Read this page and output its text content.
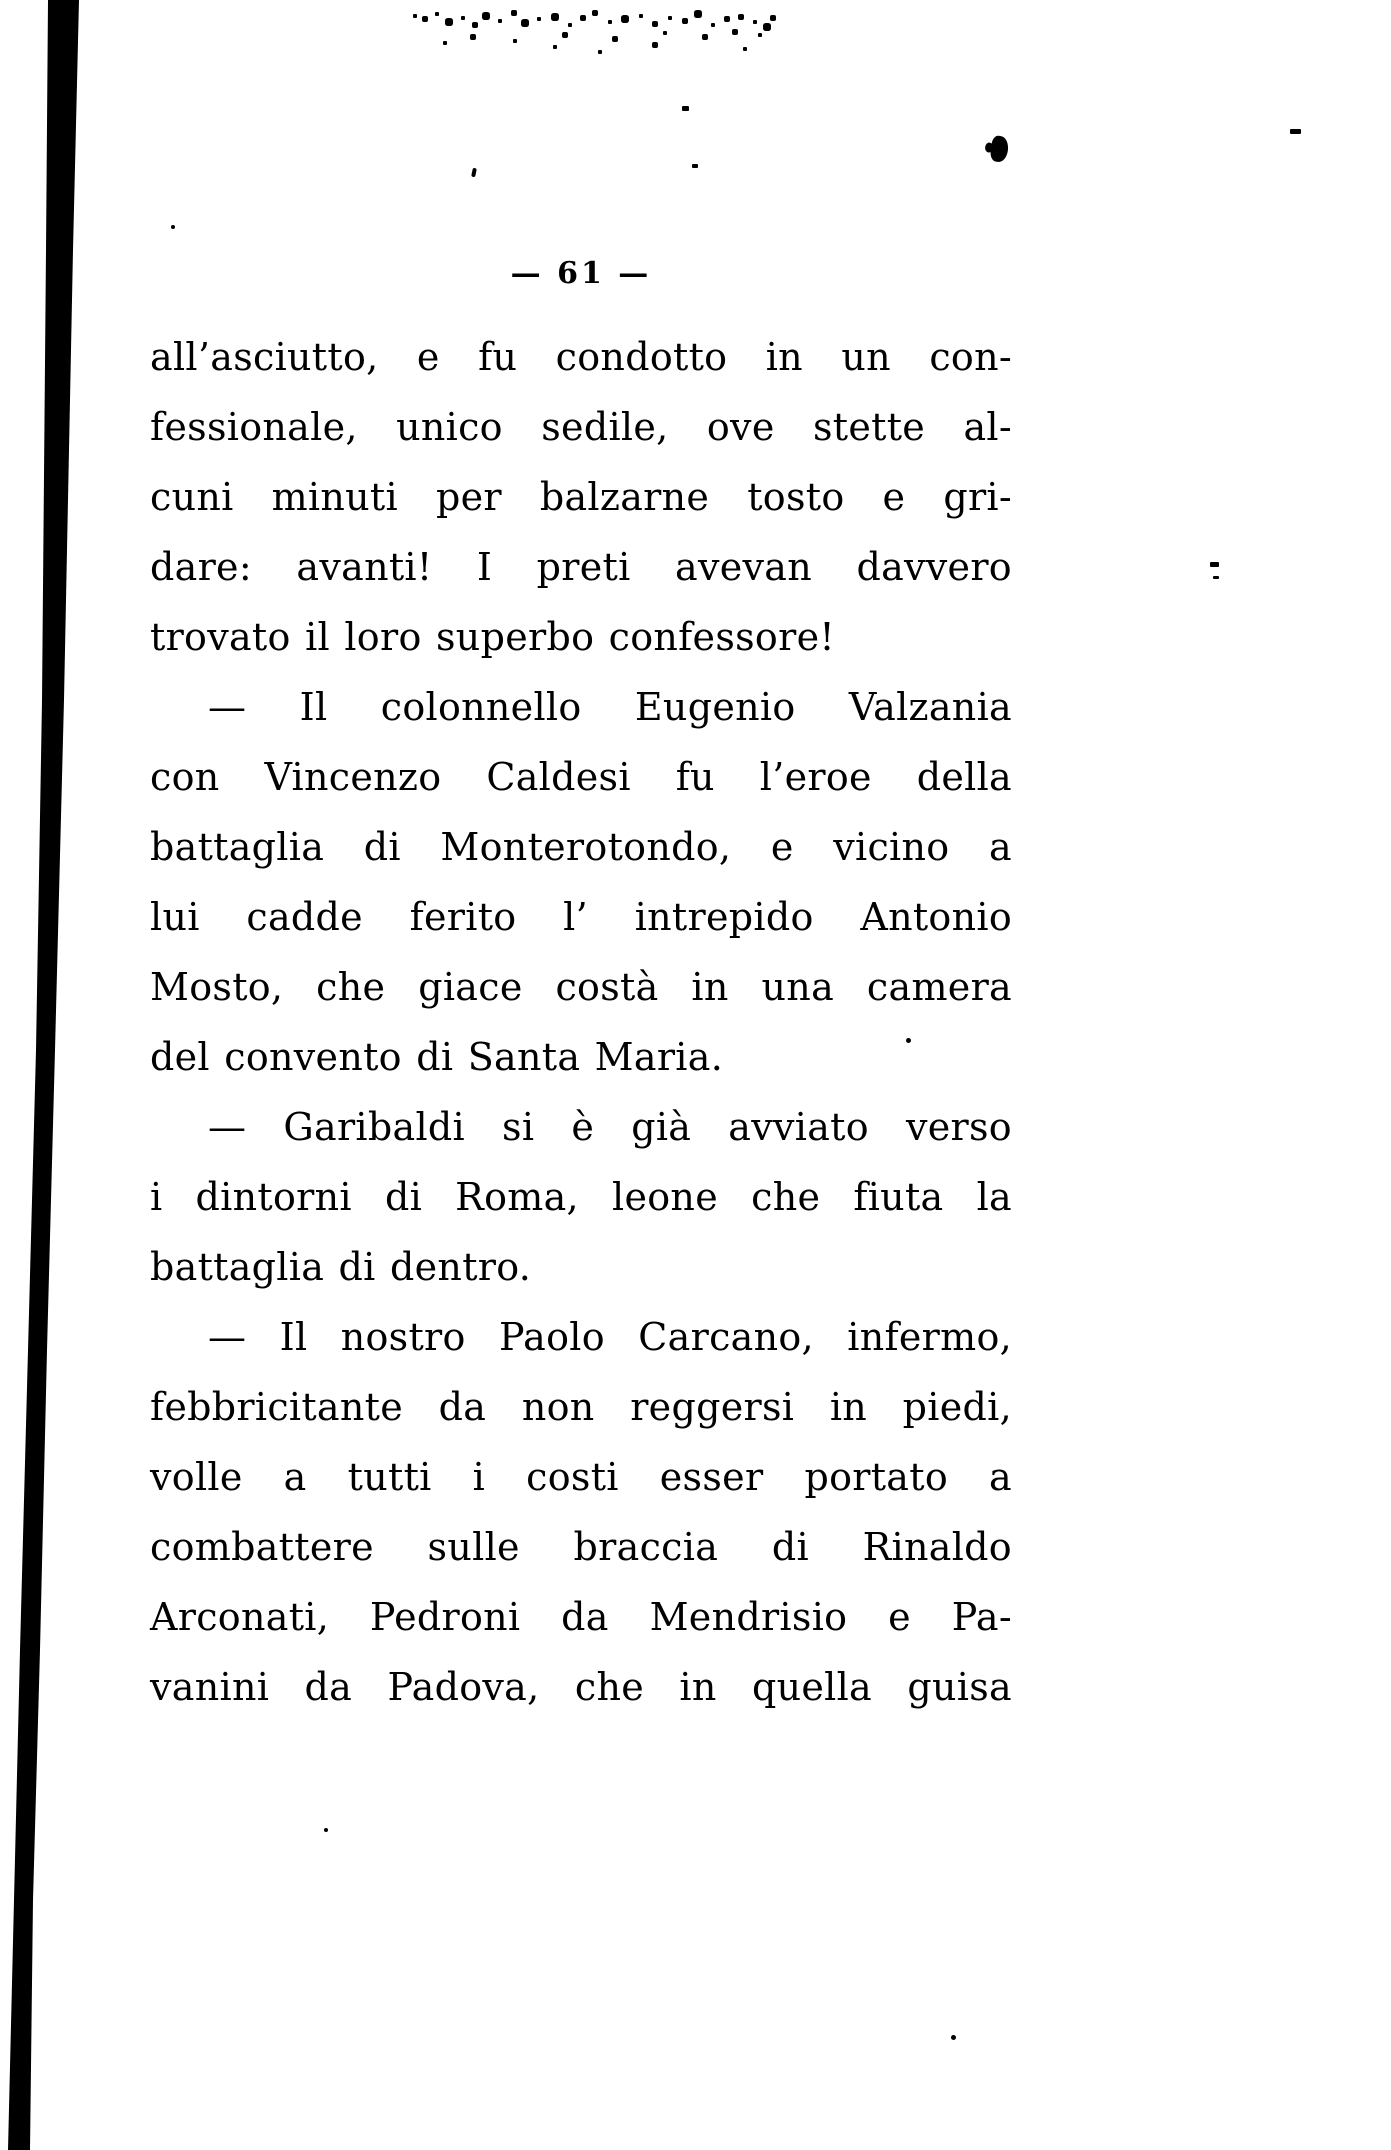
— 61 —
all’asciutto, e fu condotto in un con-
fessionale, unico sedile, ove stette al-
cuni minuti per balzarne tosto e gri-
dare: avanti! I preti avevan davvero
trovato il loro superbo confessore!
— Il colonnello Eugenio Valzania
con Vincenzo Caldesi fu l’eroe della
battaglia di Monterotondo, e vicino a
lui cadde ferito l’ intrepido Antonio
Mosto, che giace costà in una camera
del convento di Santa Maria.
— Garibaldi si è già avviato verso
i dintorni di Roma, leone che fiuta la
battaglia di dentro.
— Il nostro Paolo Carcano, infermo,
febbricitante da non reggersi in piedi,
volle a tutti i costi esser portato a
combattere sulle braccia di Rinaldo
Arconati, Pedroni da Mendrisio e Pa-
vanini da Padova, che in quella guisa
